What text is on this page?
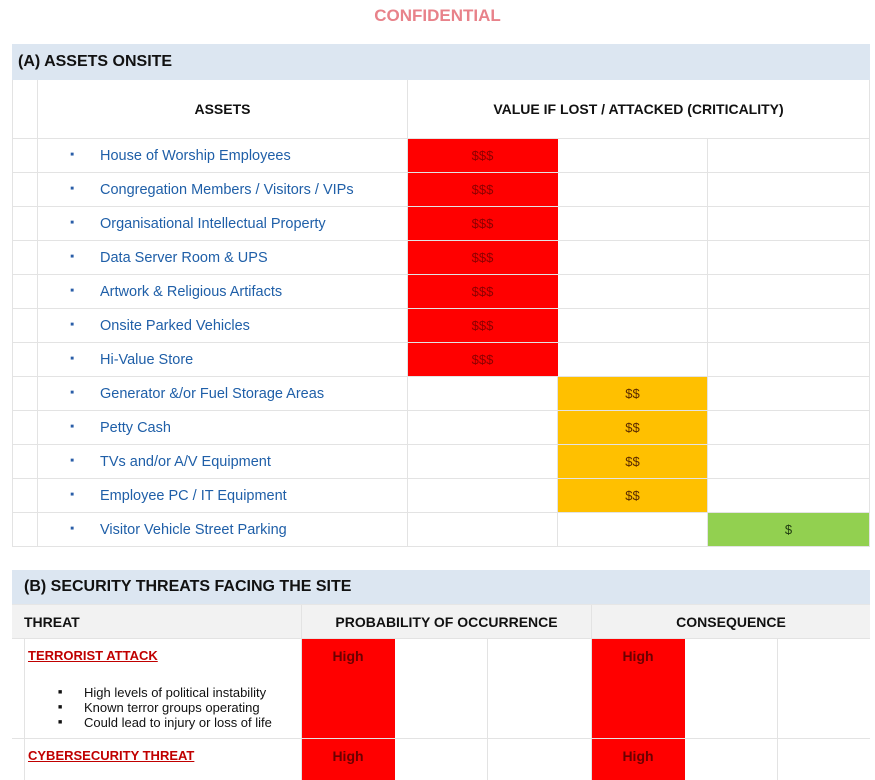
CONFIDENTIAL
(A) ASSETS ONSITE
ASSETS	VALUE IF LOST / ATTACKED (CRITICALITY)
■
House of Worship Employees	$$$
■
Congregation Members / Visitors / VIPs	$$$
■
Organisational Intellectual Property	$$$
■
Data Server Room & UPS	$$$
■
Artwork & Religious Artifacts	$$$
■
Onsite Parked Vehicles	$$$
■
Hi-Value Store	$$$
■
Generator &/or Fuel Storage Areas	$$
■
Petty Cash	$$
■
TVs and/or A/V Equipment	$$
■
Employee PC / IT Equipment	$$
■
Visitor Vehicle Street Parking	$
(B) SECURITY THREATS FACING THE SITE
THREAT	PROBABILITY OF OCCURRENCE	CONSEQUENCE
TERRORIST ATTACK
■ High levels of political instability
■ Known terror groups operating
■ Could lead to injury or loss of life
High	High
CYBERSECURITY THREAT	High	High
